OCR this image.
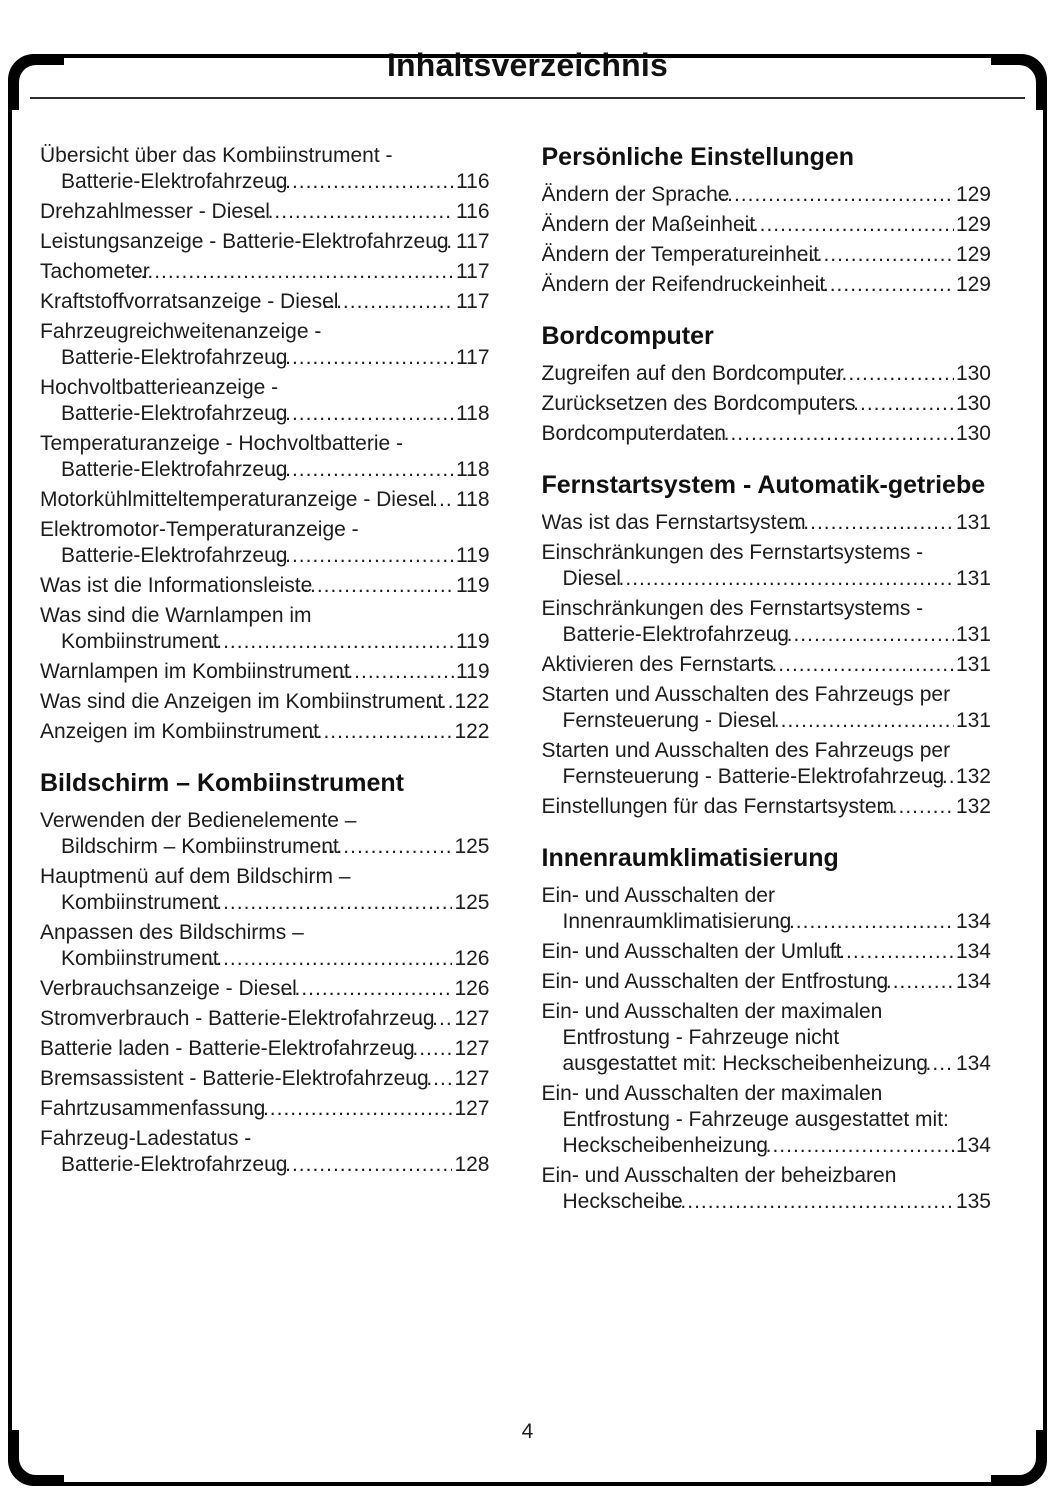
Inhaltsverzeichnis
Übersicht über das Kombiinstrument - Batterie‑Elektrofahrzeug .....	116
Drehzahlmesser - Diesel .....	116
Leistungsanzeige - Batterie‑Elektrofahrzeug ..... 117
Tachometer .....	117
Kraftstoffvorratsanzeige - Diesel .....	117
Fahrzeugreichweitenanzeige - Batterie‑Elektrofahrzeug .....	117
Hochvoltbatterieanzeige - Batterie‑Elektrofahrzeug .....	118
Temperaturanzeige - Hochvoltbatterie - Batterie‑Elektrofahrzeug .....	118
Motorkühlmitteltemperaturanzeige - Diesel .....	118
Elektromotor‑Temperaturanzeige - Batterie‑Elektrofahrzeug .....	119
Was ist die Informationsleiste .....	119
Was sind die Warnlampen im Kombiinstrument .....	119
Warnlampen im Kombiinstrument .....	119
Was sind die Anzeigen im Kombiinstrument ..... 122
Anzeigen im Kombiinstrument .....	122
Bildschirm – Kombiinstrument
Verwenden der Bedienelemente – Bildschirm – Kombiinstrument .....	125
Hauptmenü auf dem Bildschirm – Kombiinstrument .....	125
Anpassen des Bildschirms – Kombiinstrument .....	126
Verbrauchsanzeige - Diesel .....	126
Stromverbrauch - Batterie‑Elektrofahrzeug ..... 127
Batterie laden - Batterie‑Elektrofahrzeug .....	127
Bremsassistent - Batterie‑Elektrofahrzeug .....	127
Fahrtzusammenfassung .....	127
Fahrzeug‑Ladestatus - Batterie‑Elektrofahrzeug .....	128
Persönliche Einstellungen
Ändern der Sprache .....	129
Ändern der Maßeinheit .....	129
Ändern der Temperatureinheit .....	129
Ändern der Reifendruckeinheit .....	129
Bordcomputer
Zugreifen auf den Bordcomputer .....	130
Zurücksetzen des Bordcomputers .....	130
Bordcomputerdaten .....	130
Fernstartsystem - Automatik-getriebe
Was ist das Fernstartsystem .....	131
Einschränkungen des Fernstartsystems - Diesel .....	131
Einschränkungen des Fernstartsystems - Batterie‑Elektrofahrzeug .....	131
Aktivieren des Fernstarts .....	131
Starten und Ausschalten des Fahrzeugs per Fernsteuerung - Diesel .....	131
Starten und Ausschalten des Fahrzeugs per Fernsteuerung - Batterie‑Elektrofahrzeug ..... 132
Einstellungen für das Fernstartsystem .....	132
Innenraumklimatisierung
Ein- und Ausschalten der Innenraumklimatisierung .....	134
Ein- und Ausschalten der Umluft .....	134
Ein- und Ausschalten der Entfrostung .....	134
Ein- und Ausschalten der maximalen Entfrostung - Fahrzeuge nicht ausgestattet mit: Heckscheibenheizung .....	134
Ein- und Ausschalten der maximalen Entfrostung - Fahrzeuge ausgestattet mit: Heckscheibenheizung .....	134
Ein- und Ausschalten der beheizbaren Heckscheibe .....	135
4
